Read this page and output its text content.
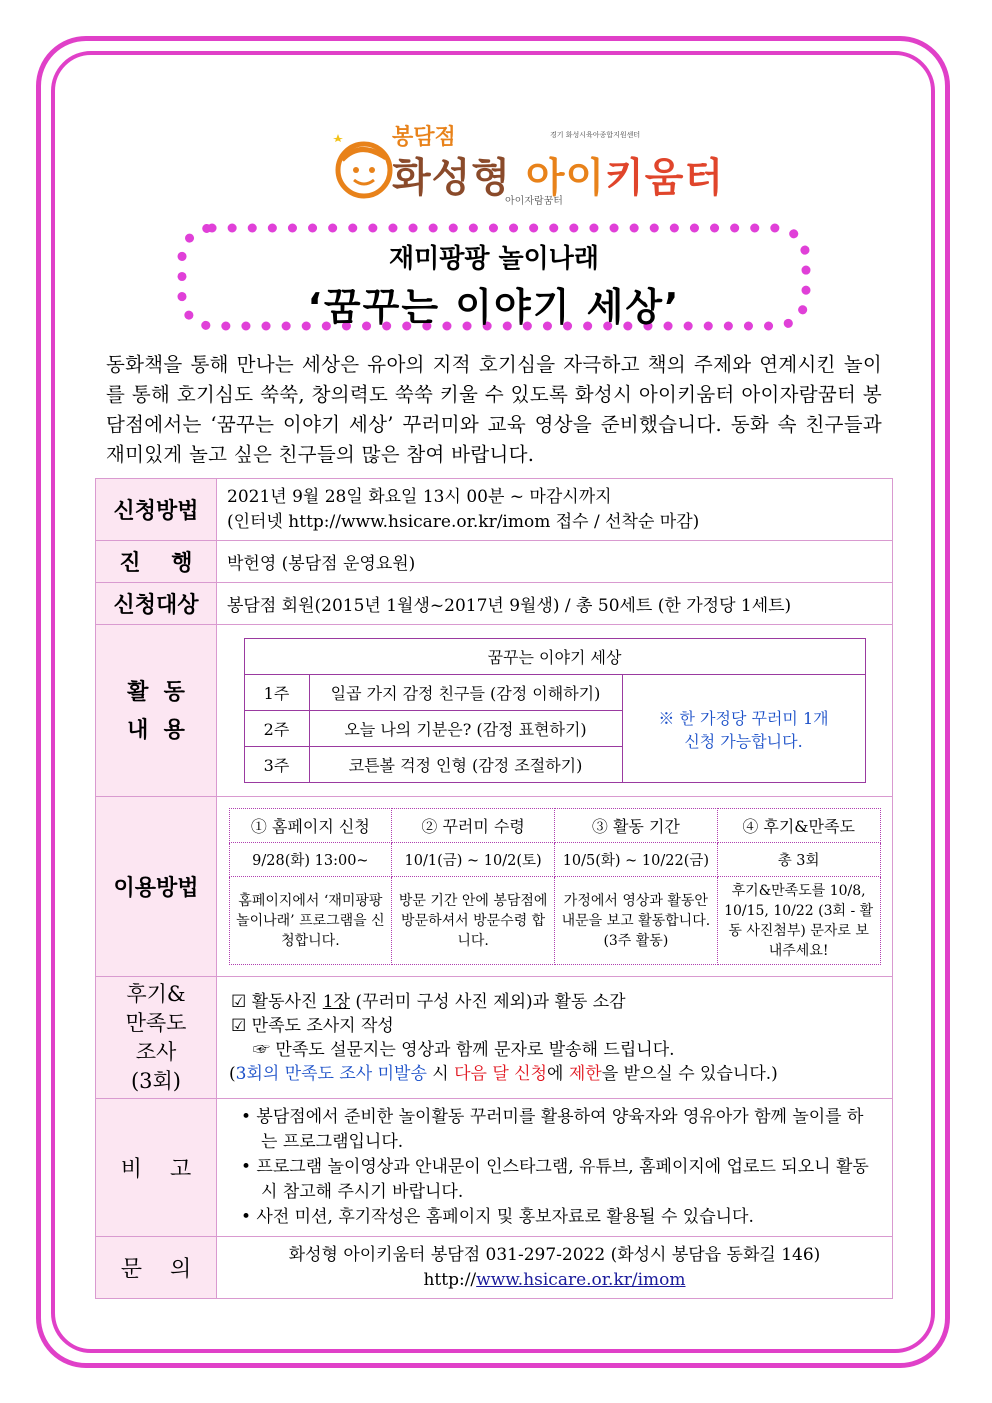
봉담점
화성형 아이키움터
아이자람꿈터
경기 화성시육아종합지원센터
재미팡팡 놀이나래
‘꿈꾸는 이야기 세상’
동화책을 통해 만나는 세상은 유아의 지적 호기심을 자극하고 책의 주제와 연계시킨 놀이를 통해 호기심도 쑥쑥, 창의력도 쑥쑥 키울 수 있도록 화성시 아이키움터 아이자람꿈터 봉담점에서는 ‘꿈꾸는 이야기 세상’ 꾸러미와 교육 영상을 준비했습니다. 동화 속 친구들과 재미있게 놀고 싶은 친구들의 많은 참여 바랍니다.
신청방법	
2021년 9월 28일 화요일 13시 00분 ~ 마감시까지
(인터넷 http://www.hsicare.or.kr/imom 접수 / 선착순 마감)

진    행	박헌영 (봉담점 운영요원)
신청대상	봉담점 회원(2015년 1월생~2017년 9월생) / 총 50세트 (한 가정당 1세트)

활  동
내  용

꿈꾸는 이야기 세상
1주	일곱 가지 감정 친구들 (감정 이해하기)	※ 한 가정당 꾸러미 1개 신청 가능합니다.
2주	오늘 나의 기분은? (감정 표현하기)
3주	코튼볼 걱정 인형 (감정 조절하기)

이용방법	
① 홈페이지 신청	② 꾸러미 수령	③ 활동 기간	④ 후기&만족도
9/28(화) 13:00~	10/1(금) ~ 10/2(토)	10/5(화) ~ 10/22(금)	총 3회
홈페이지에서 ‘재미팡팡 놀이나래’ 프로그램을 신청합니다.	방문 기간 안에 봉담점에 방문하셔서 방문수령 합니다.	가정에서 영상과 활동안내문을 보고 활동합니다. (3주 활동)	후기&만족도를 10/8, 10/15, 10/22 (3회 - 활동 사진첨부) 문자로 보내주세요!

후기&
만족도
조사
(3회)

☑ 활동사진 1장 (꾸러미 구성 사진 제외)과 활동 소감
☑ 만족도 조사지 작성
☞ 만족도 설문지는 영상과 함께 문자로 발송해 드립니다.
(3회의 만족도 조사 미발송 시 다음 달 신청에 제한을 받으실 수 있습니다.)

비    고	
• 봉담점에서 준비한 놀이활동 꾸러미를 활용하여 양육자와 영유아가 함께 놀이를 하는 프로그램입니다.
• 프로그램 놀이영상과 안내문이 인스타그램, 유튜브, 홈페이지에 업로드 되오니 활동 시 참고해 주시기 바랍니다.
• 사전 미션, 후기작성은 홈페이지 및 홍보자료로 활용될 수 있습니다.

문    의	
화성형 아이키움터 봉담점 031-297-2022 (화성시 봉담읍 동화길 146)
http://www.hsicare.or.kr/imom
